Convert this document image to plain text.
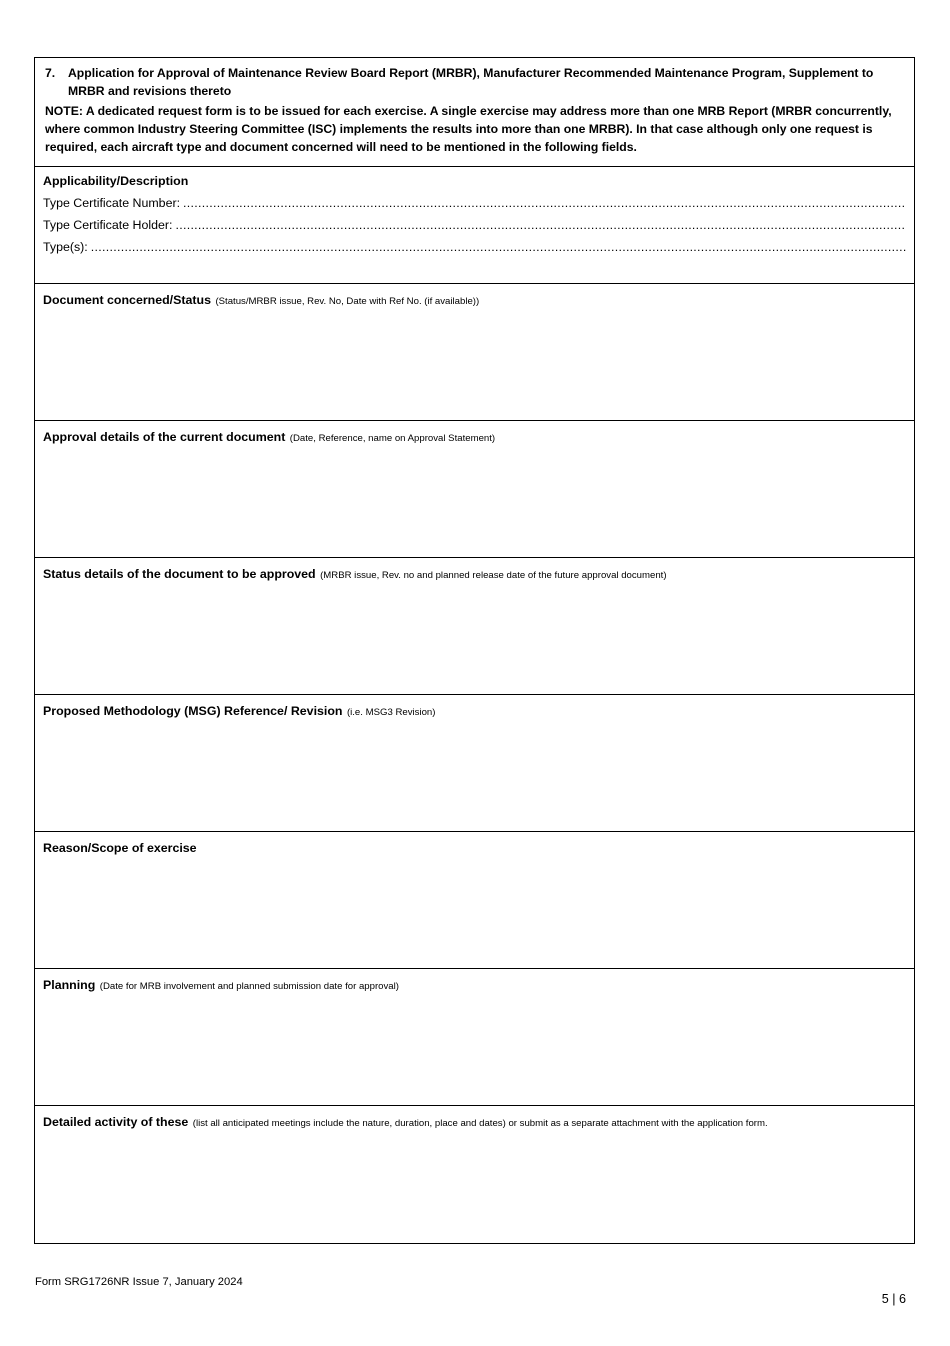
7.	Application for Approval of Maintenance Review Board Report (MRBR), Manufacturer Recommended Maintenance Program, Supplement to MRBR and revisions thereto
NOTE: A dedicated request form is to be issued for each exercise. A single exercise may address more than one MRB Report (MRBR concurrently, where common Industry Steering Committee (ISC) implements the results into more than one MRBR). In that case although only one request is required, each aircraft type and document concerned will need to be mentioned in the following fields.
Applicability/Description
Type Certificate Number:
.....
Type Certificate Holder:
.....
Type(s):
.....
Document concerned/Status (Status/MRBR issue, Rev. No, Date with Ref No. (if available))
Approval details of the current document (Date, Reference, name on Approval Statement)
Status details of the document to be approved (MRBR issue, Rev. no and planned release date of the future approval document)
Proposed Methodology (MSG) Reference/ Revision (i.e. MSG3 Revision)
Reason/Scope of exercise
Planning (Date for MRB involvement and planned submission date for approval)
Detailed activity of these (list all anticipated meetings include the nature, duration, place and dates) or submit as a separate attachment with the application form.
Form SRG1726NR Issue 7, January 2024
5 | 6
